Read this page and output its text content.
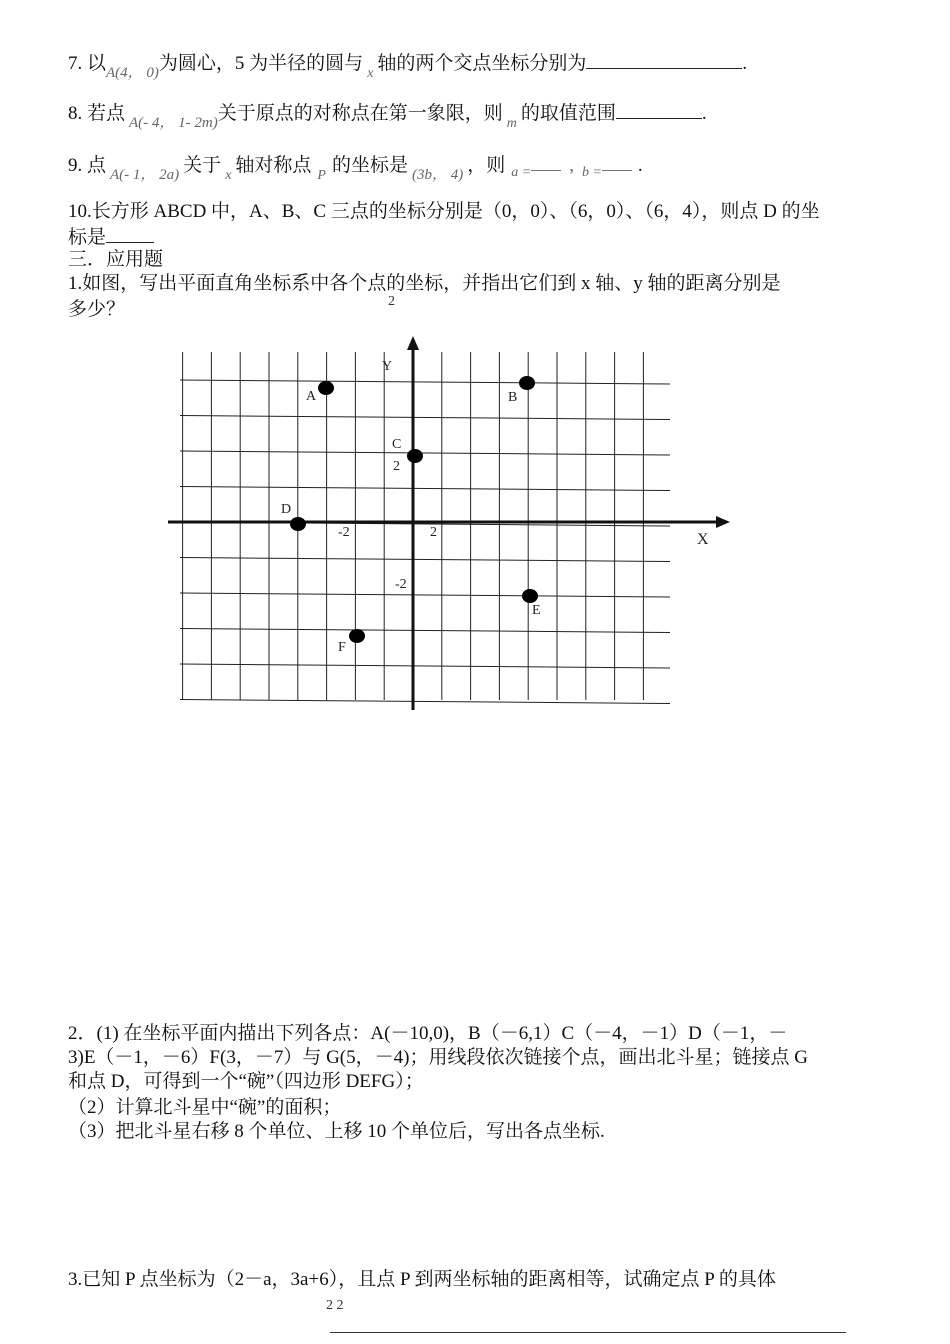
7. 以$_{A(4, 0)}$为圆心，5 为半径的圆与 $_x$ 轴的两个交点坐标分别为	.
8. 若点 $_{A(- 4, 1- 2m)}$关于原点的对称点在第一象限，则 $_m$ 的取值范围	.
9. 点 $_{A(- 1, 2a)}$ 关于 $_x$ 轴对称点 $_P$ 的坐标是 $_{(3b, 4)}$ ，则 $_{a =}$ , $_{b =}$ .
10.长方形 ABCD 中，A、B、C 三点的坐标分别是（0，0）、（6，0）、（6，4），则点 D 的坐
标是
三．应用题
1.如图，写出平面直角坐标系中各个点的坐标，并指出它们到 x 轴、y 轴的距离分别是
2
多少？
X
Y
-2	2
2
-2
A	B
C
D
E
F
2．(1) 在坐标平面内描出下列各点：A(－10,0)，B（－6,1）C（－4，－1）D（－1，－
3)E（－1，－6）F(3，－7）与 G(5，－4)；用线段依次链接个点，画出北斗星；链接点 G
和点 D，可得到一个“碗”（四边形 DEFG）；
（2）计算北斗星中“碗”的面积；
（3）把北斗星右移 8 个单位、上移 10 个单位后，写出各点坐标.
3.已知 P 点坐标为（2－a，3a+6），且点 P 到两坐标轴的距离相等，试确定点 P 的具体
2 2
